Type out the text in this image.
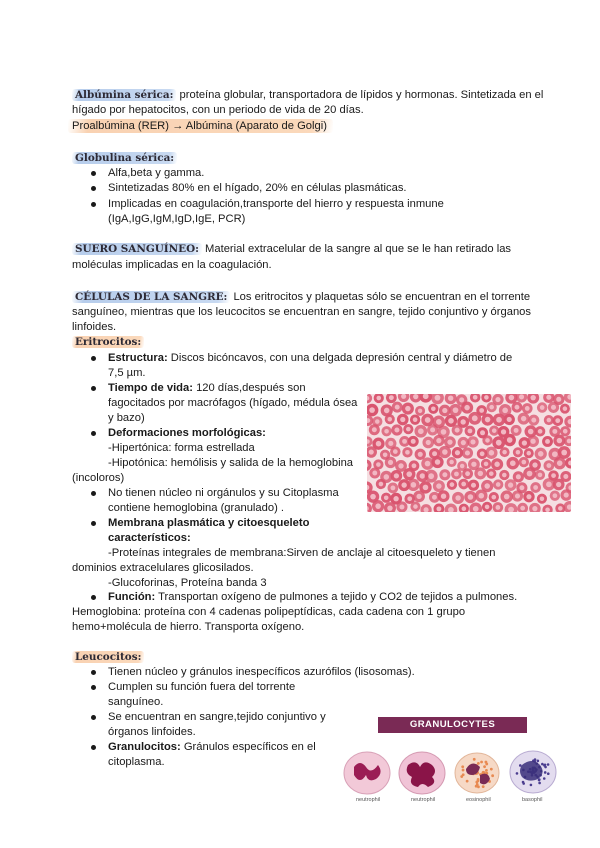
Albúmina sérica: proteína globular, transportadora de lípidos y hormonas. Sintetizada en el
hígado por hepatocitos, con un periodo de vida de 20 días.
Proalbúmina (RER) → Albúmina (Aparato de Golgi)
Globulina sérica:
Alfa,beta y gamma.
Sintetizadas 80% en el hígado, 20% en células plasmáticas.
Implicadas en coagulación,transporte del hierro y respuesta inmune
(IgA,IgG,IgM,IgD,IgE, PCR)
SUERO SANGUÍNEO: Material extracelular de la sangre al que se le han retirado las
moléculas implicadas en la coagulación.
CÉLULAS DE LA SANGRE: Los eritrocitos y plaquetas sólo se encuentran en el torrente
sanguíneo, mientras que los leucocitos se encuentran en sangre, tejido conjuntivo y órganos
linfoides.
Eritrocitos:
Estructura: Discos bicóncavos, con una delgada depresión central y diámetro de
7,5 µm.
Tiempo de vida: 120 días,después son
fagocitados por macrófagos (hígado, médula ósea
y bazo)
Deformaciones morfológicas:
-Hipertónica: forma estrellada
-Hipotónica: hemólisis y salida de la hemoglobina
(incoloros)
No tienen núcleo ni orgánulos y su Citoplasma
contiene hemoglobina (granulado) .
Membrana plasmática y citoesqueleto
característicos:
-Proteínas integrales de membrana:Sirven de anclaje al citoesqueleto y tienen
dominios extracelulares glicosilados.
-Glucoforinas, Proteína banda 3
Función: Transportan oxígeno de pulmones a tejido y CO2 de tejidos a pulmones.
Hemoglobina: proteína con 4 cadenas polipeptídicas, cada cadena con 1 grupo
hemo+molécula de hierro. Transporta oxígeno.
Leucocitos:
Tienen núcleo y gránulos inespecíficos azurófilos (lisosomas).
Cumplen su función fuera del torrente
sanguíneo.
Se encuentran en sangre,tejido conjuntivo y
órganos linfoides.
Granulocitos: Gránulos específicos en el
citoplasma.
GRANULOCYTES
neutrophil	neutrophil	eosinophil	basophil
